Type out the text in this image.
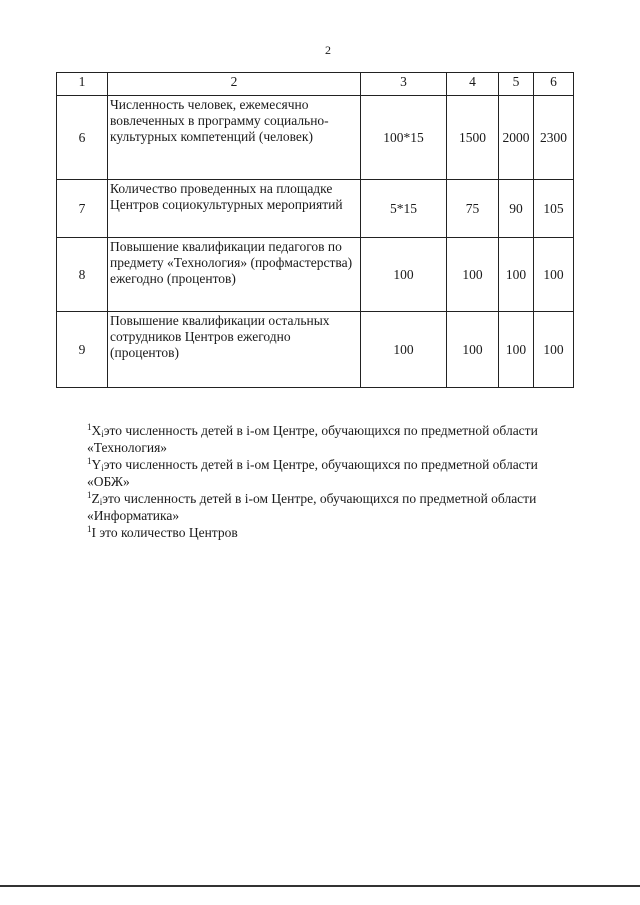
2
1	2	3	4	5	6
6	Численность человек, ежемесячно вовлеченных в программу социально-культурных компетенций (человек)	100*15	1500	2000	2300
7	Количество проведенных на площадке Центров социокультурных мероприятий	5*15	75	90	105
8	Повышение квалификации педагогов по предмету «Технология» (профмастерства) ежегодно (процентов)	100	100	100	100
9	Повышение квалификации остальных сотрудников Центров ежегодно (процентов)	100	100	100	100

$^1X_iэто$ численность детей в i-ом Центре, обучающихся по предметной области «Технология»

$^1Y_iэто$ численность детей в i-ом Центре, обучающихся по предметной области «ОБЖ»

$^1Z_iэто$ численность детей в i-ом Центре, обучающихся по предметной области «Информатика»

$^1$I это количество Центров
